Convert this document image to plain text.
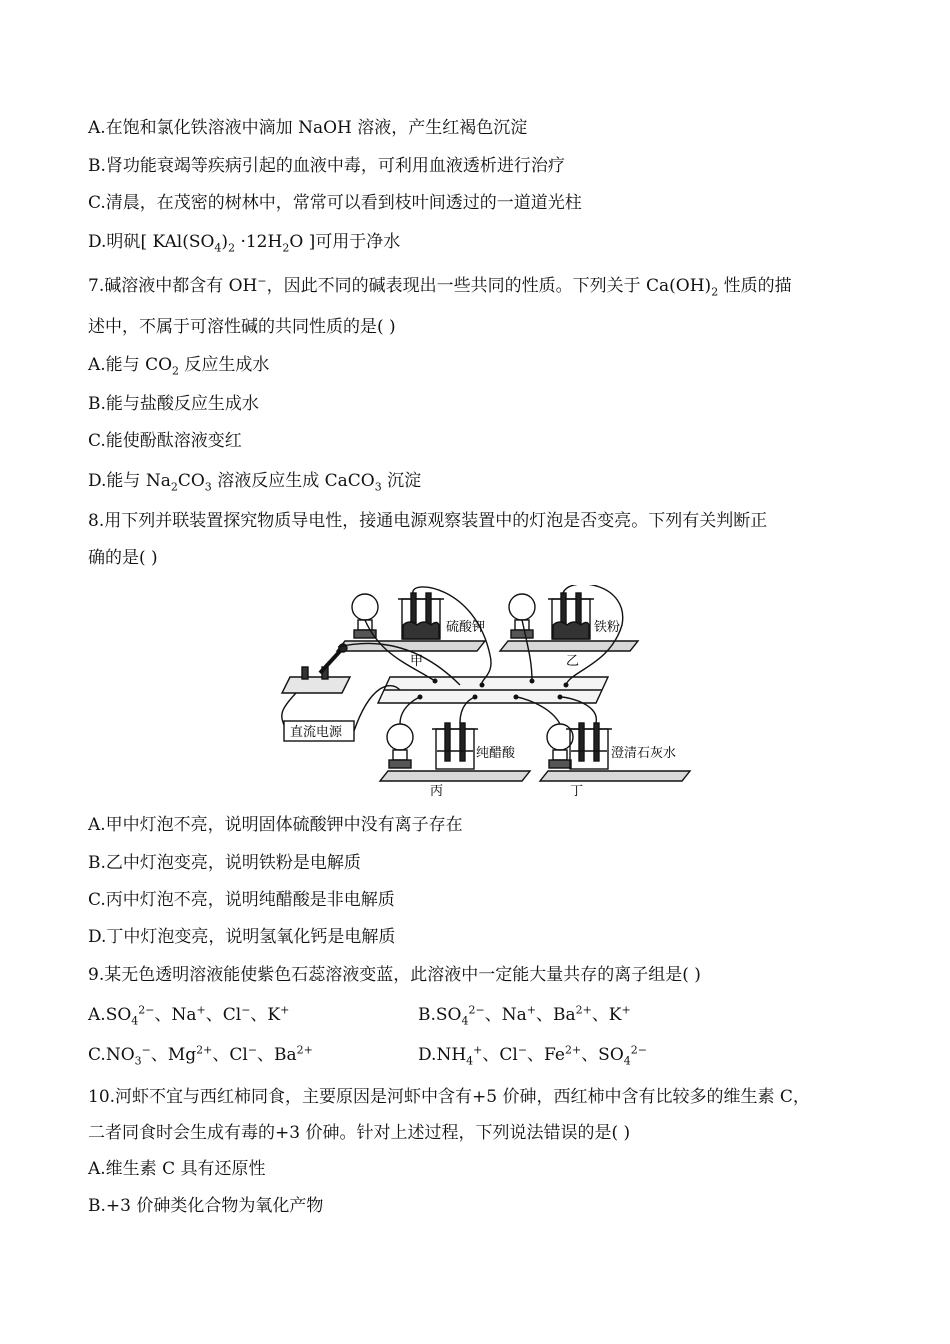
A.在饱和氯化铁溶液中滴加 NaOH 溶液，产生红褐色沉淀
B.肾功能衰竭等疾病引起的血液中毒，可利用血液透析进行治疗
C.清晨，在茂密的树林中，常常可以看到枝叶间透过的一道道光柱
D.明矾[ $KAl(SO_4)_2 \cdot 12H_2O$ ]可用于净水
7.碱溶液中都含有 OH−，因此不同的碱表现出一些共同的性质。下列关于 $Ca(OH)_2$ 性质的描
述中，不属于可溶性碱的共同性质的是( )
A.能与 $CO_2$ 反应生成水
B.能与盐酸反应生成水
C.能使酚酞溶液变红
D.能与 $Na_2CO_3$ 溶液反应生成 CaCO$_3$ 沉淀
8.用下列并联装置探究物质导电性，接通电源观察装置中的灯泡是否变亮。下列有关判断正
确的是( )
硫酸钾	铁粉
纯醋酸	澄清石灰水
甲	乙
丙	丁
直流电源
A.甲中灯泡不亮，说明固体硫酸钾中没有离子存在
B.乙中灯泡变亮，说明铁粉是电解质
C.丙中灯泡不亮，说明纯醋酸是非电解质
D.丁中灯泡变亮，说明氢氧化钙是电解质
9.某无色透明溶液能使紫色石蕊溶液变蓝，此溶液中一定能大量共存的离子组是( )
$A.SO_4^{2-}$、Na+、Cl−、K+	$B.SO_4^{2-}$、Na+、$Ba^{2+}$、K+
$C.NO_3^-$、$Mg^{2+}$、Cl−、$Ba^{2+}$	$D.NH_4^+$、Cl−、$Fe^{2+}$、$SO_4^{2-}$
10.河虾不宜与西红柿同食，主要原因是河虾中含有+5 价砷，西红柿中含有比较多的维生素 C，
二者同食时会生成有毒的+3 价砷。针对上述过程，下列说法错误的是( )
A.维生素 C 具有还原性
B.+3 价砷类化合物为氧化产物
